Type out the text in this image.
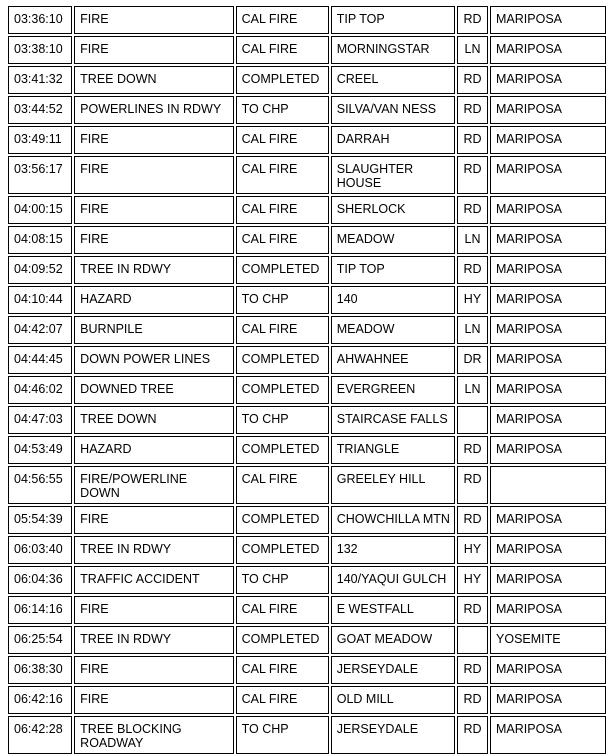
03:36:10	FIRE	CAL FIRE	TIP TOP	RD	MARIPOSA
03:38:10	FIRE	CAL FIRE	MORNINGSTAR	LN	MARIPOSA
03:41:32	TREE DOWN	COMPLETED	CREEL	RD	MARIPOSA
03:44:52	POWERLINES IN RDWY	TO CHP	SILVA/VAN NESS	RD	MARIPOSA
03:49:11	FIRE	CAL FIRE	DARRAH	RD	MARIPOSA
03:56:17	FIRE	CAL FIRE	SLAUGHTER HOUSE	RD	MARIPOSA
04:00:15	FIRE	CAL FIRE	SHERLOCK	RD	MARIPOSA
04:08:15	FIRE	CAL FIRE	MEADOW	LN	MARIPOSA
04:09:52	TREE IN RDWY	COMPLETED	TIP TOP	RD	MARIPOSA
04:10:44	HAZARD	TO CHP	140	HY	MARIPOSA
04:42:07	BURNPILE	CAL FIRE	MEADOW	LN	MARIPOSA
04:44:45	DOWN POWER LINES	COMPLETED	AHWAHNEE	DR	MARIPOSA
04:46:02	DOWNED TREE	COMPLETED	EVERGREEN	LN	MARIPOSA
04:47:03	TREE DOWN	TO CHP	STAIRCASE FALLS		MARIPOSA
04:53:49	HAZARD	COMPLETED	TRIANGLE	RD	MARIPOSA
04:56:55	FIRE/POWERLINE DOWN	CAL FIRE	GREELEY HILL	RD	
05:54:39	FIRE	COMPLETED	CHOWCHILLA MTN	RD	MARIPOSA
06:03:40	TREE IN RDWY	COMPLETED	132	HY	MARIPOSA
06:04:36	TRAFFIC ACCIDENT	TO CHP	140/YAQUI GULCH	HY	MARIPOSA
06:14:16	FIRE	CAL FIRE	E WESTFALL	RD	MARIPOSA
06:25:54	TREE IN RDWY	COMPLETED	GOAT MEADOW		YOSEMITE
06:38:30	FIRE	CAL FIRE	JERSEYDALE	RD	MARIPOSA
06:42:16	FIRE	CAL FIRE	OLD MILL	RD	MARIPOSA
06:42:28	TREE BLOCKING ROADWAY	TO CHP	JERSEYDALE	RD	MARIPOSA
